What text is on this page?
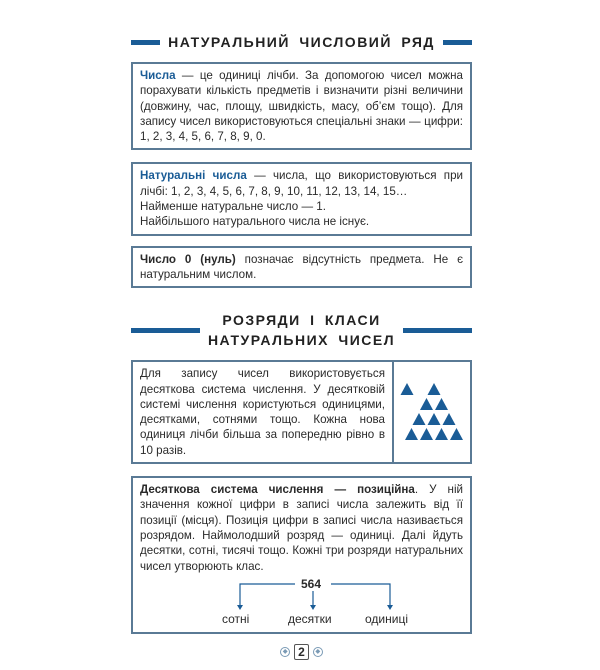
НАТУРАЛЬНИЙ ЧИСЛОВИЙ РЯД

Числа — це одиниці лічби. За допомогою чисел можна порахувати кількість предметів і визначити різні величини (довжину, час, площу, швидкість, масу, об’єм тощо). Для запису чисел використовуються спеціальні знаки — цифри: 1, 2, 3, 4, 5, 6, 7, 8, 9, 0.

Натуральні числа — числа, що використовуються при лічбі: 1, 2, 3, 4, 5, 6, 7, 8, 9, 10, 11, 12, 13, 14, 15…

Найменше натуральне число — 1.

Найбільшого натурального числа не існує.

Число 0 (нуль) позначає відсутність предмета. Не є натуральним числом.

РОЗРЯДИ І КЛАСИ
НАТУРАЛЬНИХ ЧИСЕЛ

Для запису чисел використовується десяткова система числення. У десятковій системі числення користуються одиницями, десятками, сотнями тощо. Кожна нова одиниця лічби більша за попередню рівно в 10 разів.

Десяткова система числення — позиційна. У ній значення кожної цифри в записі числа залежить від її позиції (місця). Позиція цифри в записі числа називається розрядом. Наймолодший розряд — одиниці. Далі йдуть десятки, сотні, тисячі тощо. Кожні три розряди натуральних чисел утворюють клас.

564
сотні	десятки	одиниці
◆ 2	◆
